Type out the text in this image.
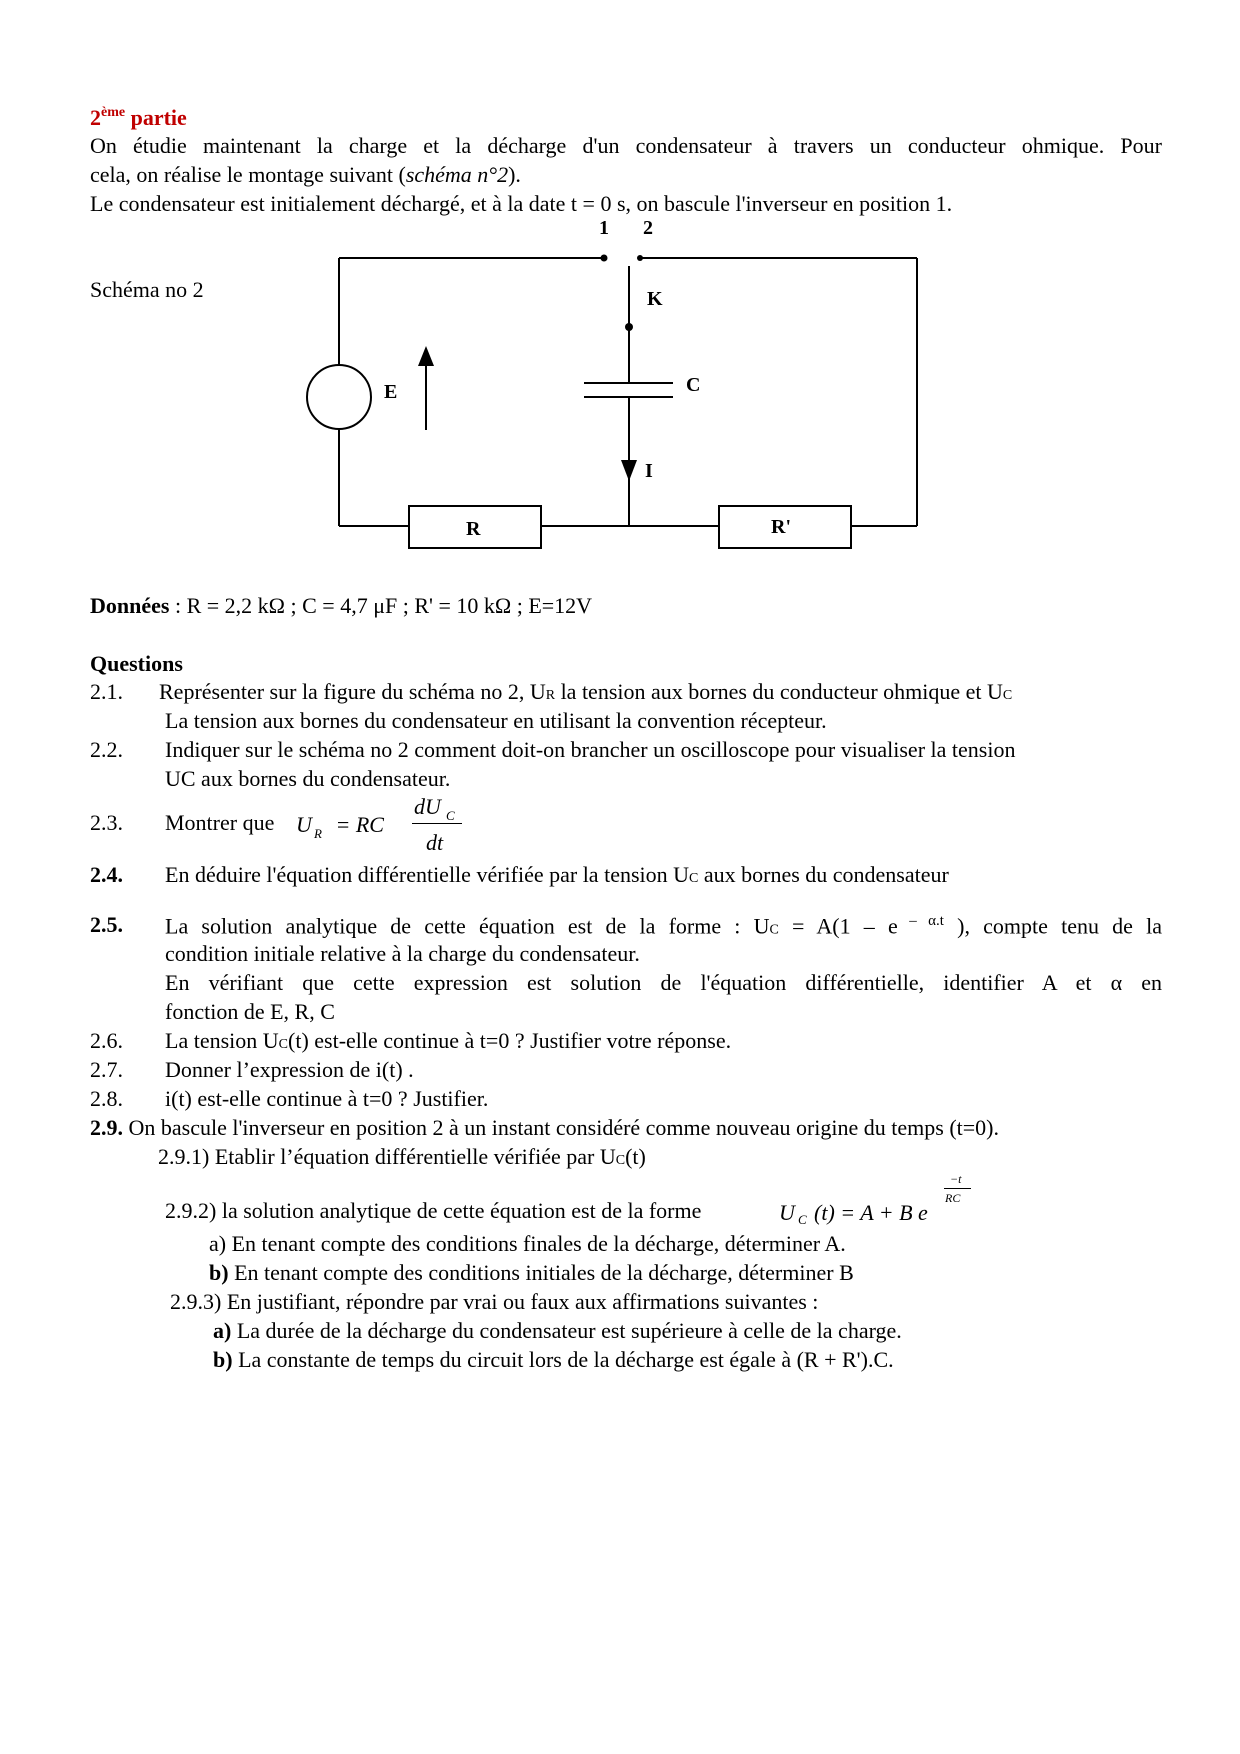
2ème partie
On étudie maintenant la charge et la décharge d'un condensateur à travers un conducteur ohmique. Pour
cela, on réalise le montage suivant (schéma n°2).
Le condensateur est initialement déchargé, et à la date t = 0 s, on bascule l'inverseur en position 1.
Schéma no 2
1 2
K
C
E
I
R	R'
Données : R = 2,2 kΩ ; C = 4,7 μF ; R' = 10 kΩ ; E=12V
Questions
2.1. Représenter sur la figure du schéma no 2, UR la tension aux bornes du conducteur ohmique et UC
La tension aux bornes du condensateur en utilisant la convention récepteur.
2.2. Indiquer sur le schéma no 2 comment doit-on brancher un oscilloscope pour visualiser la tension
UC aux bornes du condensateur.
2.3. Montrer que U R = RC
dU C
dt
2.4. En déduire l'équation différentielle vérifiée par la tension UC aux bornes du condensateur
2.5. La solution analytique de cette équation est de la forme : UC = A(1 – e $^{- \alpha.t}$ ), compte tenu de la
condition initiale relative à la charge du condensateur.
En vérifiant que cette expression est solution de l'équation différentielle, identifier A et α en
fonction de E, R, C
2.6. La tension UC(t) est-elle continue à t=0 ? Justifier votre réponse.
2.7. Donner l’expression de i(t) .
2.8. i(t) est-elle continue à t=0 ? Justifier.
2.9. On bascule l'inverseur en position 2 à un instant considéré comme nouveau origine du temps (t=0).
2.9.1) Etablir l’équation différentielle vérifiée par UC(t)
2.9.2) la solution analytique de cette équation est de la forme	U C (t) = A + B e
−t
RC
a) En tenant compte des conditions finales de la décharge, déterminer A.
b) En tenant compte des conditions initiales de la décharge, déterminer B
2.9.3) En justifiant, répondre par vrai ou faux aux affirmations suivantes :
a) La durée de la décharge du condensateur est supérieure à celle de la charge.
b) La constante de temps du circuit lors de la décharge est égale à (R + R').C.
